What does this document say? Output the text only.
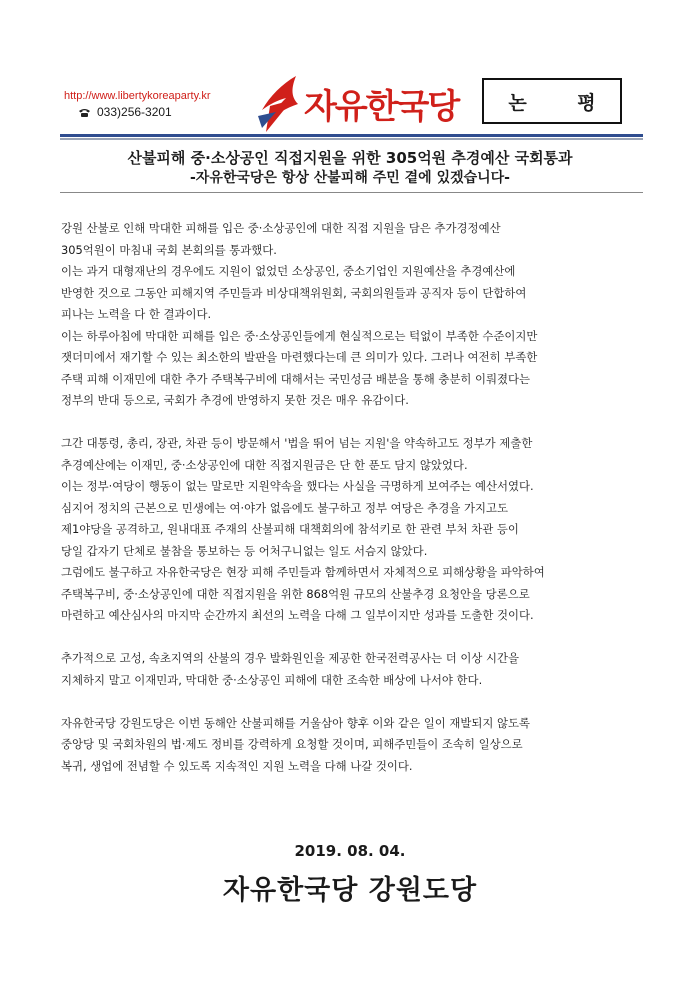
http://www.libertykoreaparty.kr
033)256-3201	자유한국당	논 평
산불피해 중·소상공인 직접지원을 위한 305억원 추경예산 국회통과
-자유한국당은 항상 산불피해 주민 곁에 있겠습니다-

강원 산불로 인해 막대한 피해를 입은 중·소상공인에 대한 직접 지원을 담은 추가경정예산
305억원이 마침내 국회 본회의를 통과했다.
이는 과거 대형재난의 경우에도 지원이 없었던 소상공인, 중소기업인 지원예산을 추경예산에
반영한 것으로 그동안 피해지역 주민들과 비상대책위원회, 국회의원들과 공직자 등이 단합하여
피나는 노력을 다 한 결과이다.
이는 하루아침에 막대한 피해를 입은 중·소상공인들에게 현실적으로는 턱없이 부족한 수준이지만
잿더미에서 재기할 수 있는 최소한의 발판을 마련했다는데 큰 의미가 있다. 그러나 여전히 부족한
주택 피해 이재민에 대한 추가 주택복구비에 대해서는 국민성금 배분을 통해 충분히 이뤄졌다는
정부의 반대 등으로, 국회가 추경에 반영하지 못한 것은 매우 유감이다.

그간 대통령, 총리, 장관, 차관 등이 방문해서 '법을 뛰어 넘는 지원'을 약속하고도 정부가 제출한
추경예산에는 이재민, 중·소상공인에 대한 직접지원금은 단 한 푼도 담지 않았었다.
이는 정부·여당이 행동이 없는 말로만 지원약속을 했다는 사실을 극명하게 보여주는 예산서였다.
심지어 정치의 근본으로 민생에는 여·야가 없음에도 불구하고 정부 여당은 추경을 가지고도
제1야당을 공격하고, 원내대표 주재의 산불피해 대책회의에 참석키로 한 관련 부처 차관 등이
당일 갑자기 단체로 불참을 통보하는 등 어처구니없는 일도 서슴지 않았다.
그럼에도 불구하고 자유한국당은 현장 피해 주민들과 함께하면서 자체적으로 피해상황을 파악하여
주택복구비, 중·소상공인에 대한 직접지원을 위한 868억원 규모의 산불추경 요청안을 당론으로
마련하고 예산심사의 마지막 순간까지 최선의 노력을 다해 그 일부이지만 성과를 도출한 것이다.

추가적으로 고성, 속초지역의 산불의 경우 발화원인을 제공한 한국전력공사는 더 이상 시간을
지체하지 말고 이재민과, 막대한 중·소상공인 피해에 대한 조속한 배상에 나서야 한다.

자유한국당 강원도당은 이번 동해안 산불피해를 거울삼아 향후 이와 같은 일이 재발되지 않도록
중앙당 및 국회차원의 법·제도 정비를 강력하게 요청할 것이며, 피해주민들이 조속히 일상으로
복귀, 생업에 전념할 수 있도록 지속적인 지원 노력을 다해 나갈 것이다.

2019. 08. 04.
자유한국당 강원도당
